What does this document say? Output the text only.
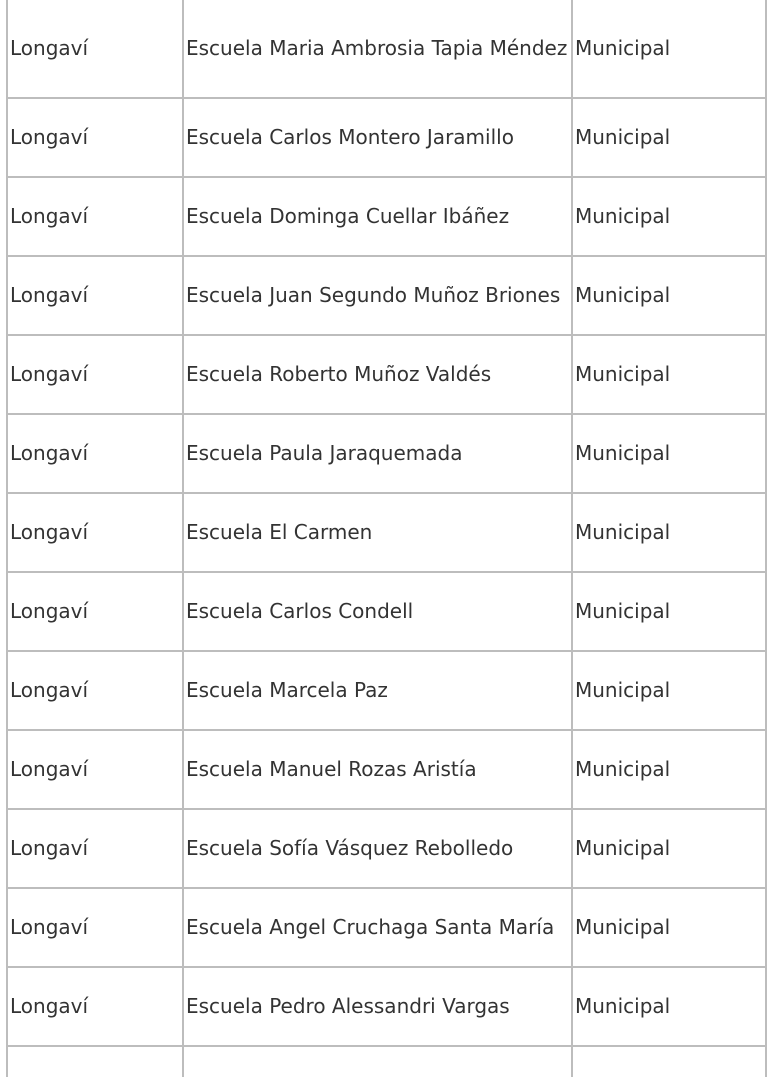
Longaví	Escuela Maria Ambrosia Tapia Méndez	Municipal
Longaví	Escuela Carlos Montero Jaramillo	Municipal
Longaví	Escuela Dominga Cuellar Ibáñez	Municipal
Longaví	Escuela Juan Segundo Muñoz Briones	Municipal
Longaví	Escuela Roberto Muñoz Valdés	Municipal
Longaví	Escuela Paula Jaraquemada	Municipal
Longaví	Escuela El Carmen	Municipal
Longaví	Escuela Carlos Condell	Municipal
Longaví	Escuela Marcela Paz	Municipal
Longaví	Escuela Manuel Rozas Aristía	Municipal
Longaví	Escuela Sofía Vásquez Rebolledo	Municipal
Longaví	Escuela Angel Cruchaga Santa María	Municipal
Longaví	Escuela Pedro Alessandri Vargas	Municipal
